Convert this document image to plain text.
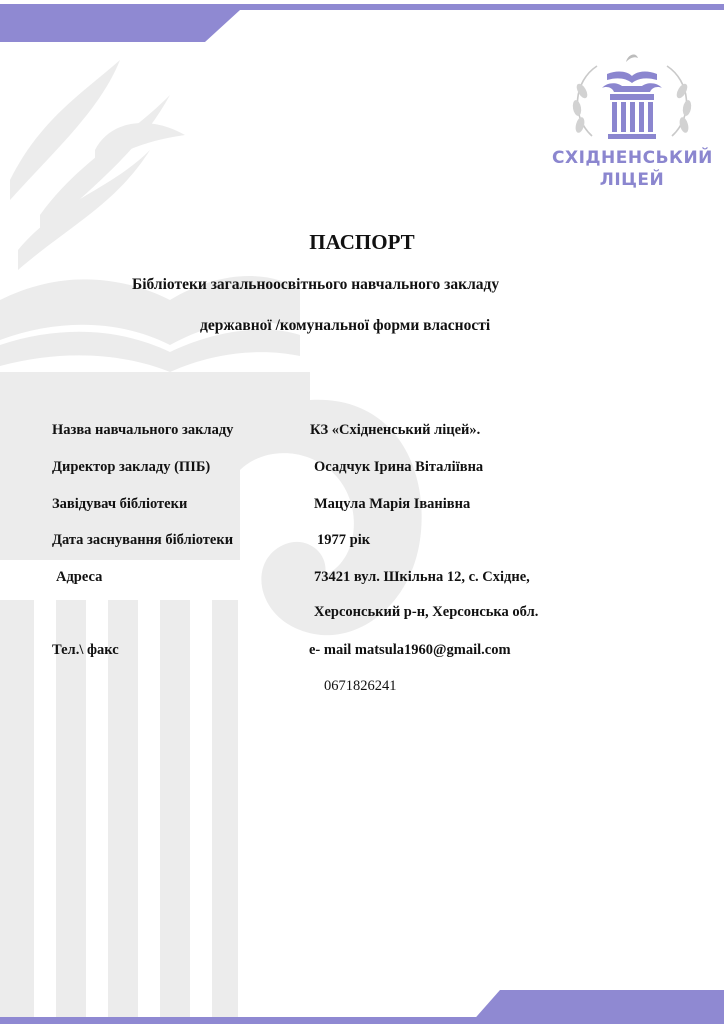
СХІДНЕНСЬКИЙ
ЛІЦЕЙ
ПАСПОРТ
Бібліотеки загальноосвітнього навчального закладу
державної /комунальної форми власності
Назва навчального закладу	КЗ «Східненський ліцей».
Директор закладу (ПІБ)	Осадчук Ірина Віталіївна
Завідувач бібліотеки	Мацула Марія Іванівна
Дата заснування бібліотеки	1977 рік
Адреса	73421 вул. Шкільна 12, с. Східне,
Херсонський р-н, Херсонська обл.
Тел.\ факс	e- mail matsula1960@gmail.com
0671826241
